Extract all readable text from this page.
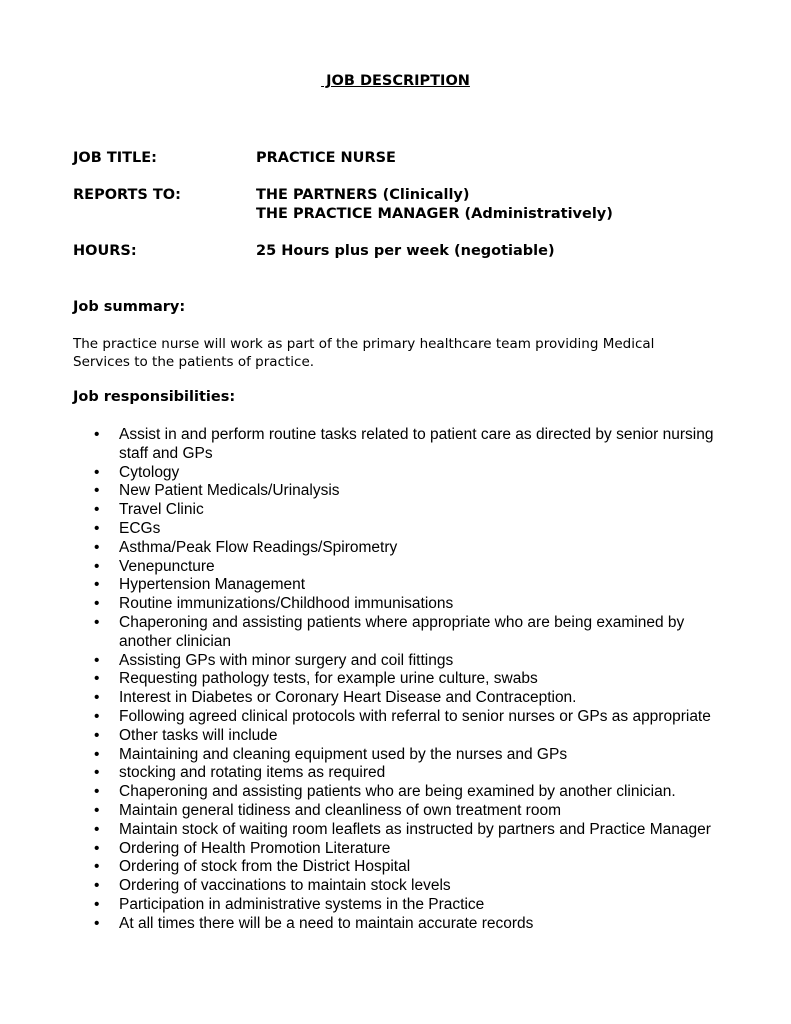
JOB DESCRIPTION
JOB TITLE:	PRACTICE NURSE
REPORTS TO:	THE PARTNERS (Clinically)
THE PRACTICE MANAGER (Administratively)
HOURS:	25 Hours plus per week (negotiable)
Job summary:
The practice nurse will work as part of the primary healthcare team providing Medical Services to the patients of practice.
Job responsibilities:
• Assist in and perform routine tasks related to patient care as directed by senior nursing staff and GPs
• Cytology
• New Patient Medicals/Urinalysis
• Travel Clinic
• ECGs
• Asthma/Peak Flow Readings/Spirometry
• Venepuncture
• Hypertension Management
• Routine immunizations/Childhood immunisations
• Chaperoning and assisting patients where appropriate who are being examined by another clinician
• Assisting GPs with minor surgery and coil fittings
• Requesting pathology tests, for example urine culture, swabs
• Interest in Diabetes or Coronary Heart Disease and Contraception.
• Following agreed clinical protocols with referral to senior nurses or GPs as appropriate
• Other tasks will include
• Maintaining and cleaning equipment used by the nurses and GPs
• stocking and rotating items as required
• Chaperoning and assisting patients who are being examined by another clinician.
• Maintain general tidiness and cleanliness of own treatment room
• Maintain stock of waiting room leaflets as instructed by partners and Practice Manager
• Ordering of Health Promotion Literature
• Ordering of stock from the District Hospital
• Ordering of vaccinations to maintain stock levels
• Participation in administrative systems in the Practice
• At all times there will be a need to maintain accurate records
